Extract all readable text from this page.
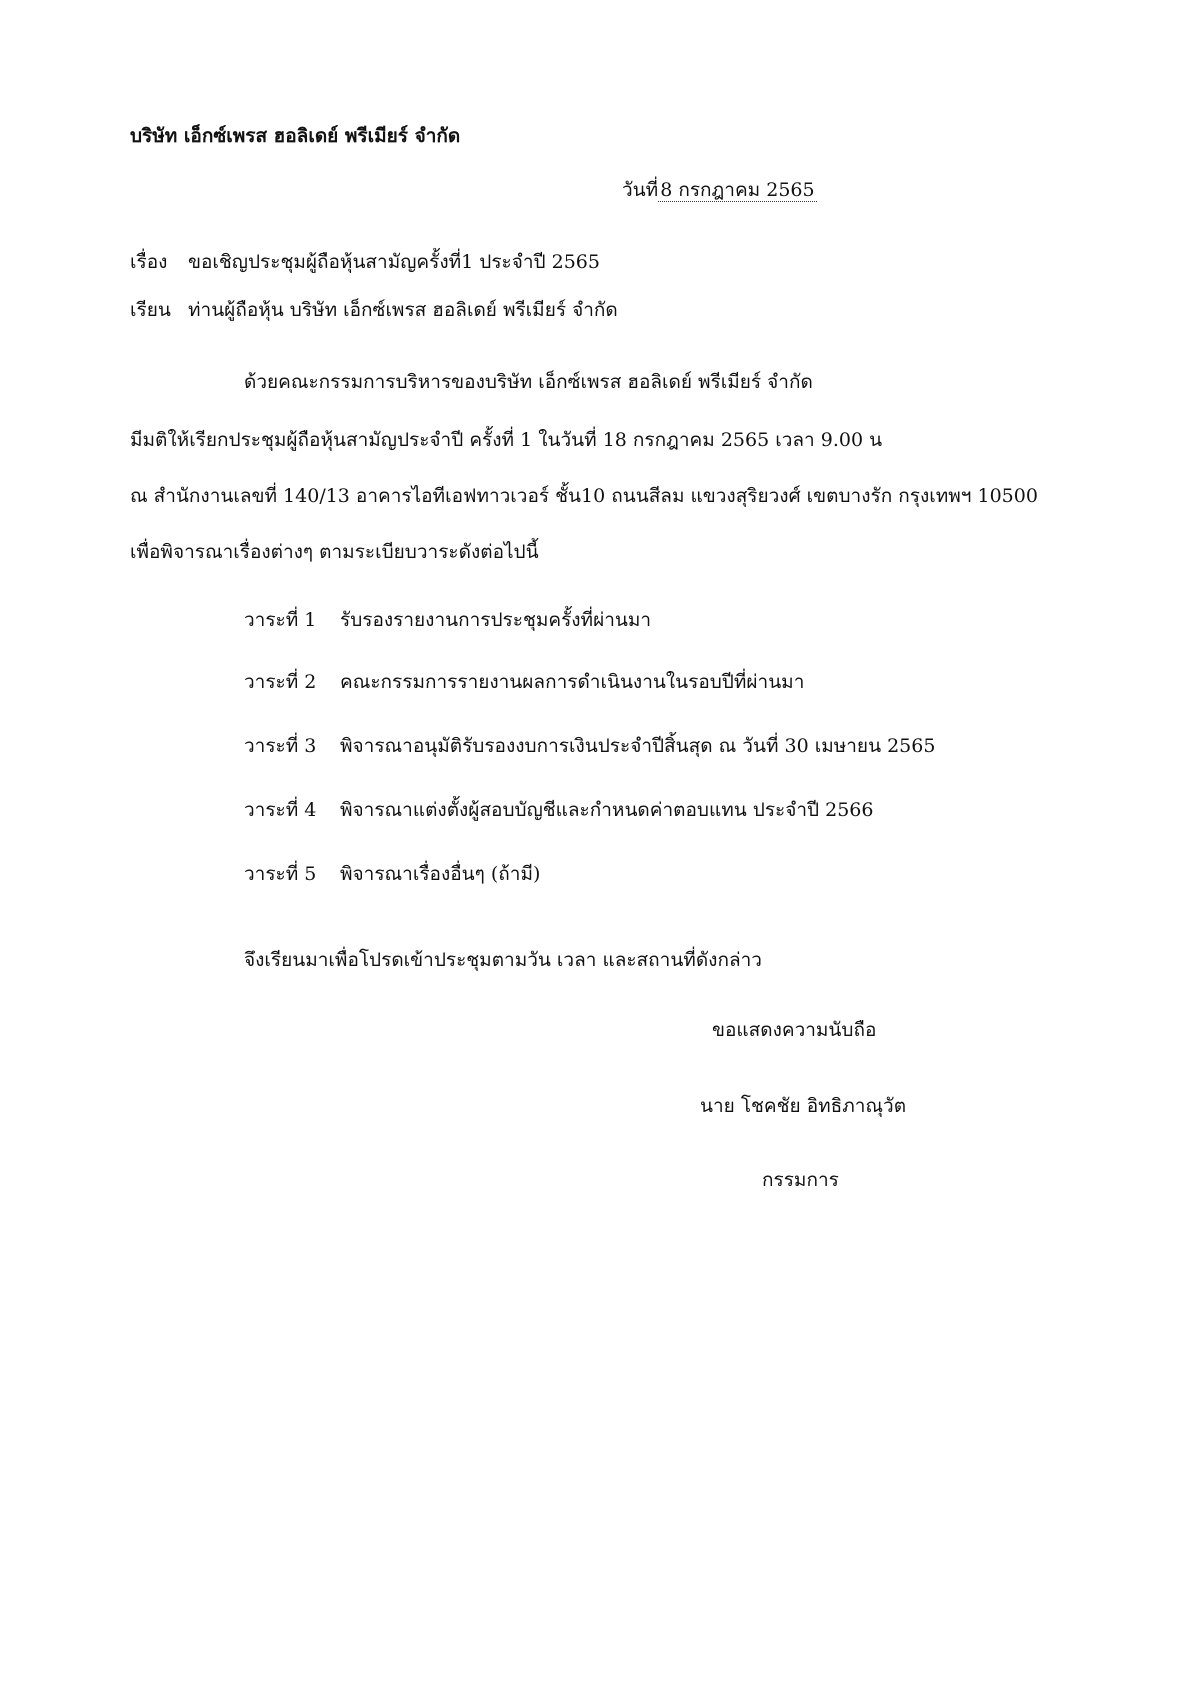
บริษัท เอ็กซ์เพรส ฮอลิเดย์ พรีเมียร์ จำกัด
วันที่ 8 กรกฎาคม 2565
เรื่อง ขอเชิญประชุมผู้ถือหุ้นสามัญครั้งที่1 ประจำปี 2565
เรียน ท่านผู้ถือหุ้น บริษัท เอ็กซ์เพรส ฮอลิเดย์ พรีเมียร์ จำกัด
ด้วยคณะกรรมการบริหารของบริษัท เอ็กซ์เพรส ฮอลิเดย์ พรีเมียร์ จำกัด
มีมติให้เรียกประชุมผู้ถือหุ้นสามัญประจำปี ครั้งที่ 1 ในวันที่ 18 กรกฎาคม 2565 เวลา 9.00 น
ณ สำนักงานเลขที่ 140/13 อาคารไอทีเอฟทาวเวอร์ ชั้น10 ถนนสีลม แขวงสุริยวงศ์ เขตบางรัก กรุงเทพฯ 10500
เพื่อพิจารณาเรื่องต่างๆ ตามระเบียบวาระดังต่อไปนี้
วาระที่ 1 รับรองรายงานการประชุมครั้งที่ผ่านมา
วาระที่ 2 คณะกรรมการรายงานผลการดำเนินงานในรอบปีที่ผ่านมา
วาระที่ 3 พิจารณาอนุมัติรับรองงบการเงินประจำปีสิ้นสุด ณ วันที่ 30 เมษายน 2565
วาระที่ 4 พิจารณาแต่งตั้งผู้สอบบัญชีและกำหนดค่าตอบแทน ประจำปี 2566
วาระที่ 5 พิจารณาเรื่องอื่นๆ (ถ้ามี)
จึงเรียนมาเพื่อโปรดเข้าประชุมตามวัน เวลา และสถานที่ดังกล่าว
ขอแสดงความนับถือ
นาย โชคชัย อิทธิภาณุวัต
กรรมการ
